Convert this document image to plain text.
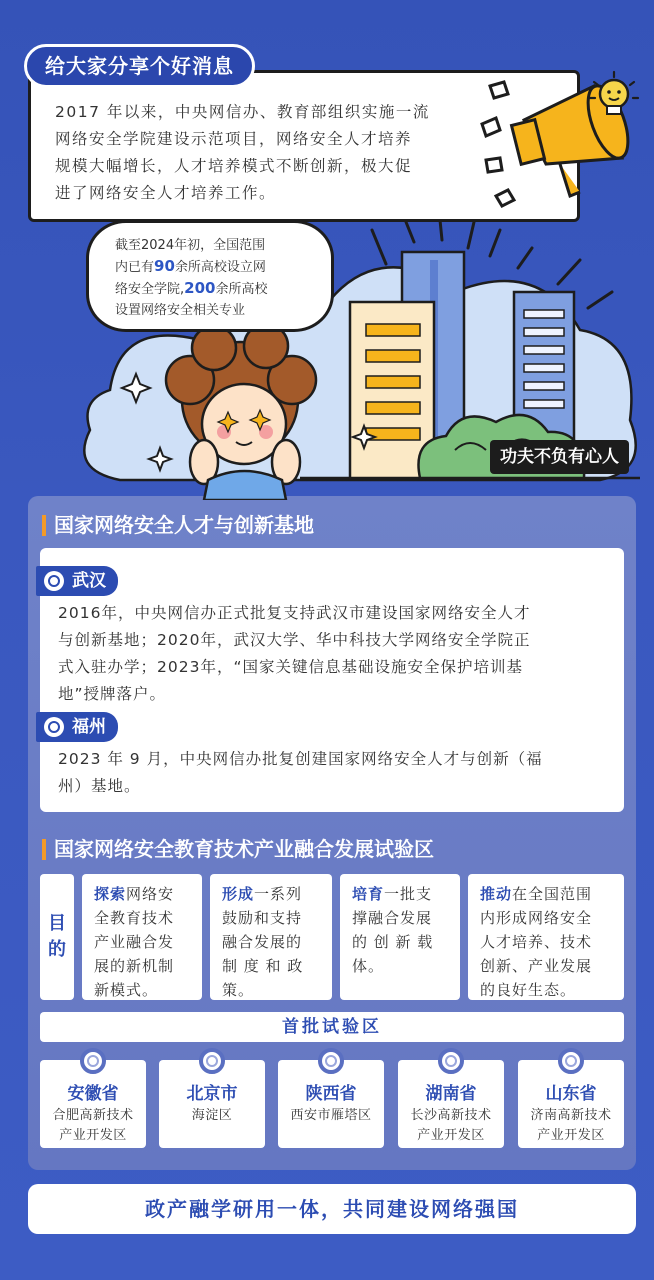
给大家分享个好消息
2017 年以来，中央网信办、教育部组织实施一流
网络安全学院建设示范项目，网络安全人才培养
规模大幅增长，人才培养模式不断创新，极大促
进了网络安全人才培养工作。
截至2024年初，全国范围
内已有90余所高校设立网
络安全学院,200余所高校
设置网络安全相关专业
功夫不负有心人
国家网络安全人才与创新基地
武汉
2016年，中央网信办正式批复支持武汉市建设国家网络安全人才
与创新基地；2020年，武汉大学、华中科技大学网络安全学院正
式入驻办学；2023年，“国家关键信息基础设施安全保护培训基
地”授牌落户。
福州
2023 年 9 月，中央网信办批复创建国家网络安全人才与创新（福
州）基地。
国家网络安全教育技术产业融合发展试验区
目
的
探索网络安
全教育技术
产业融合发
展的新机制
新模式。
形成一系列
鼓励和支持
融合发展的
制 度 和 政
策。
培育一批支
撑融合发展
的 创 新 载
体。
推动在全国范围
内形成网络安全
人才培养、技术
创新、产业发展
的良好生态。
首批试验区
安徽省
合肥高新技术
产业开发区
北京市
海淀区
陕西省
西安市雁塔区
湖南省
长沙高新技术
产业开发区
山东省
济南高新技术
产业开发区
政产融学研用一体，共同建设网络强国
